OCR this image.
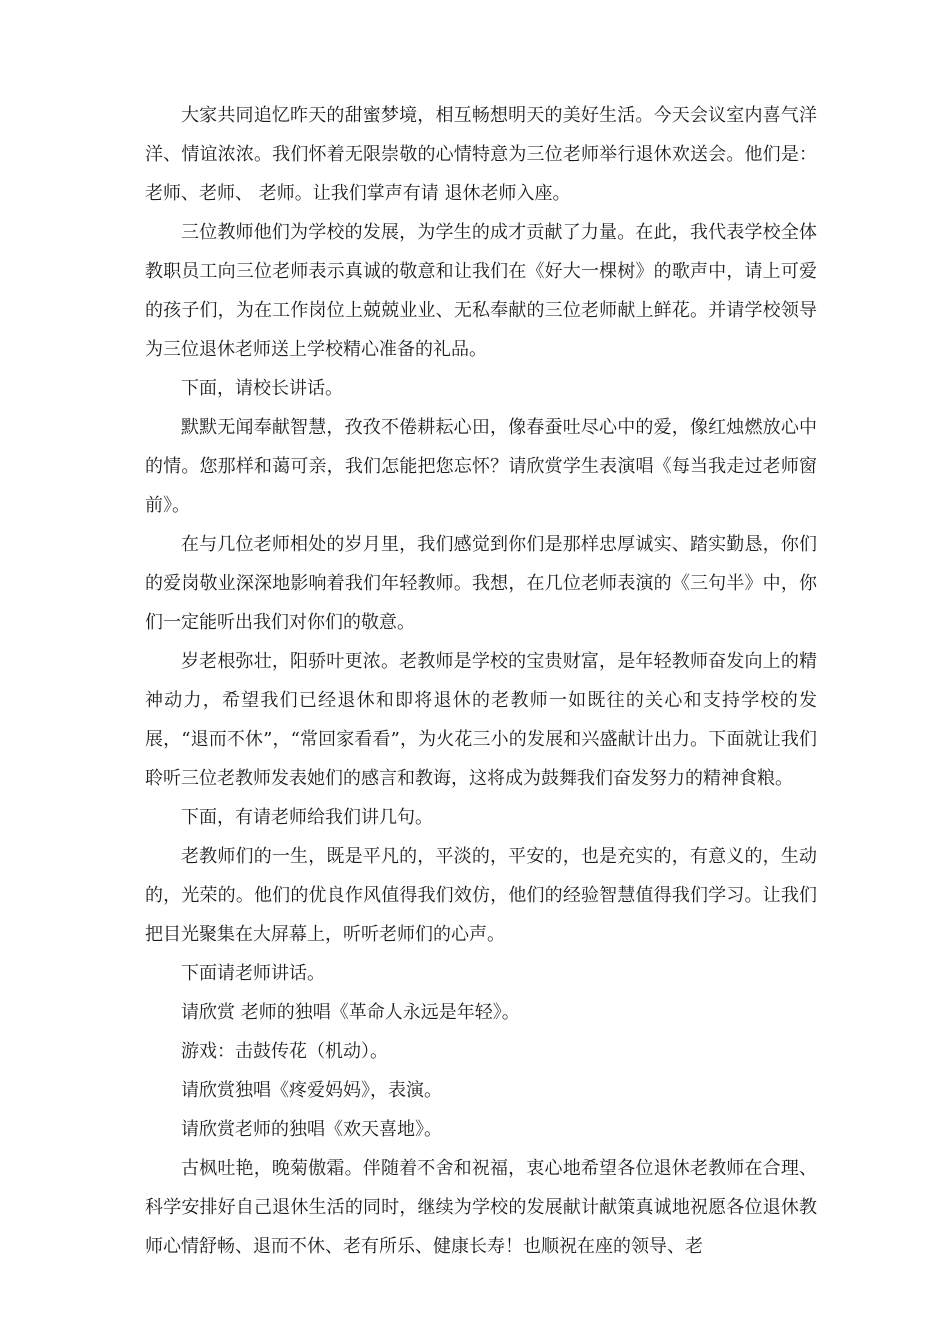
大家共同追忆昨天的甜蜜梦境，相互畅想明天的美好生活。今天会议室内喜气洋洋、情谊浓浓。我们怀着无限崇敬的心情特意为三位老师举行退休欢送会。他们是： 老师、老师、 老师。让我们掌声有请 退休老师入座。

三位教师他们为学校的发展，为学生的成才贡献了力量。在此，我代表学校全体教职员工向三位老师表示真诚的敬意和让我们在《好大一棵树》的歌声中，请上可爱的孩子们，为在工作岗位上兢兢业业、无私奉献的三位老师献上鲜花。并请学校领导为三位退休老师送上学校精心准备的礼品。

下面，请校长讲话。

默默无闻奉献智慧，孜孜不倦耕耘心田，像春蚕吐尽心中的爱，像红烛燃放心中的情。您那样和蔼可亲，我们怎能把您忘怀？请欣赏学生表演唱《每当我走过老师窗前》。

在与几位老师相处的岁月里，我们感觉到你们是那样忠厚诚实、踏实勤恳，你们的爱岗敬业深深地影响着我们年轻教师。我想，在几位老师表演的《三句半》中，你们一定能听出我们对你们的敬意。

岁老根弥壮，阳骄叶更浓。老教师是学校的宝贵财富，是年轻教师奋发向上的精神动力，希望我们已经退休和即将退休的老教师一如既往的关心和支持学校的发展，“退而不休”，“常回家看看”，为火花三小的发展和兴盛献计出力。下面就让我们聆听三位老教师发表她们的感言和教诲，这将成为鼓舞我们奋发努力的精神食粮。

下面，有请老师给我们讲几句。

老教师们的一生，既是平凡的，平淡的，平安的，也是充实的，有意义的，生动的，光荣的。他们的优良作风值得我们效仿，他们的经验智慧值得我们学习。让我们把目光聚集在大屏幕上，听听老师们的心声。

下面请老师讲话。

请欣赏 老师的独唱《革命人永远是年轻》。

游戏：击鼓传花（机动）。

请欣赏独唱《疼爱妈妈》，表演。

请欣赏老师的独唱《欢天喜地》。

古枫吐艳，晚菊傲霜。伴随着不舍和祝福，衷心地希望各位退休老教师在合理、科学安排好自己退休生活的同时，继续为学校的发展献计献策真诚地祝愿各位退休教师心情舒畅、退而不休、老有所乐、健康长寿！也顺祝在座的领导、老
